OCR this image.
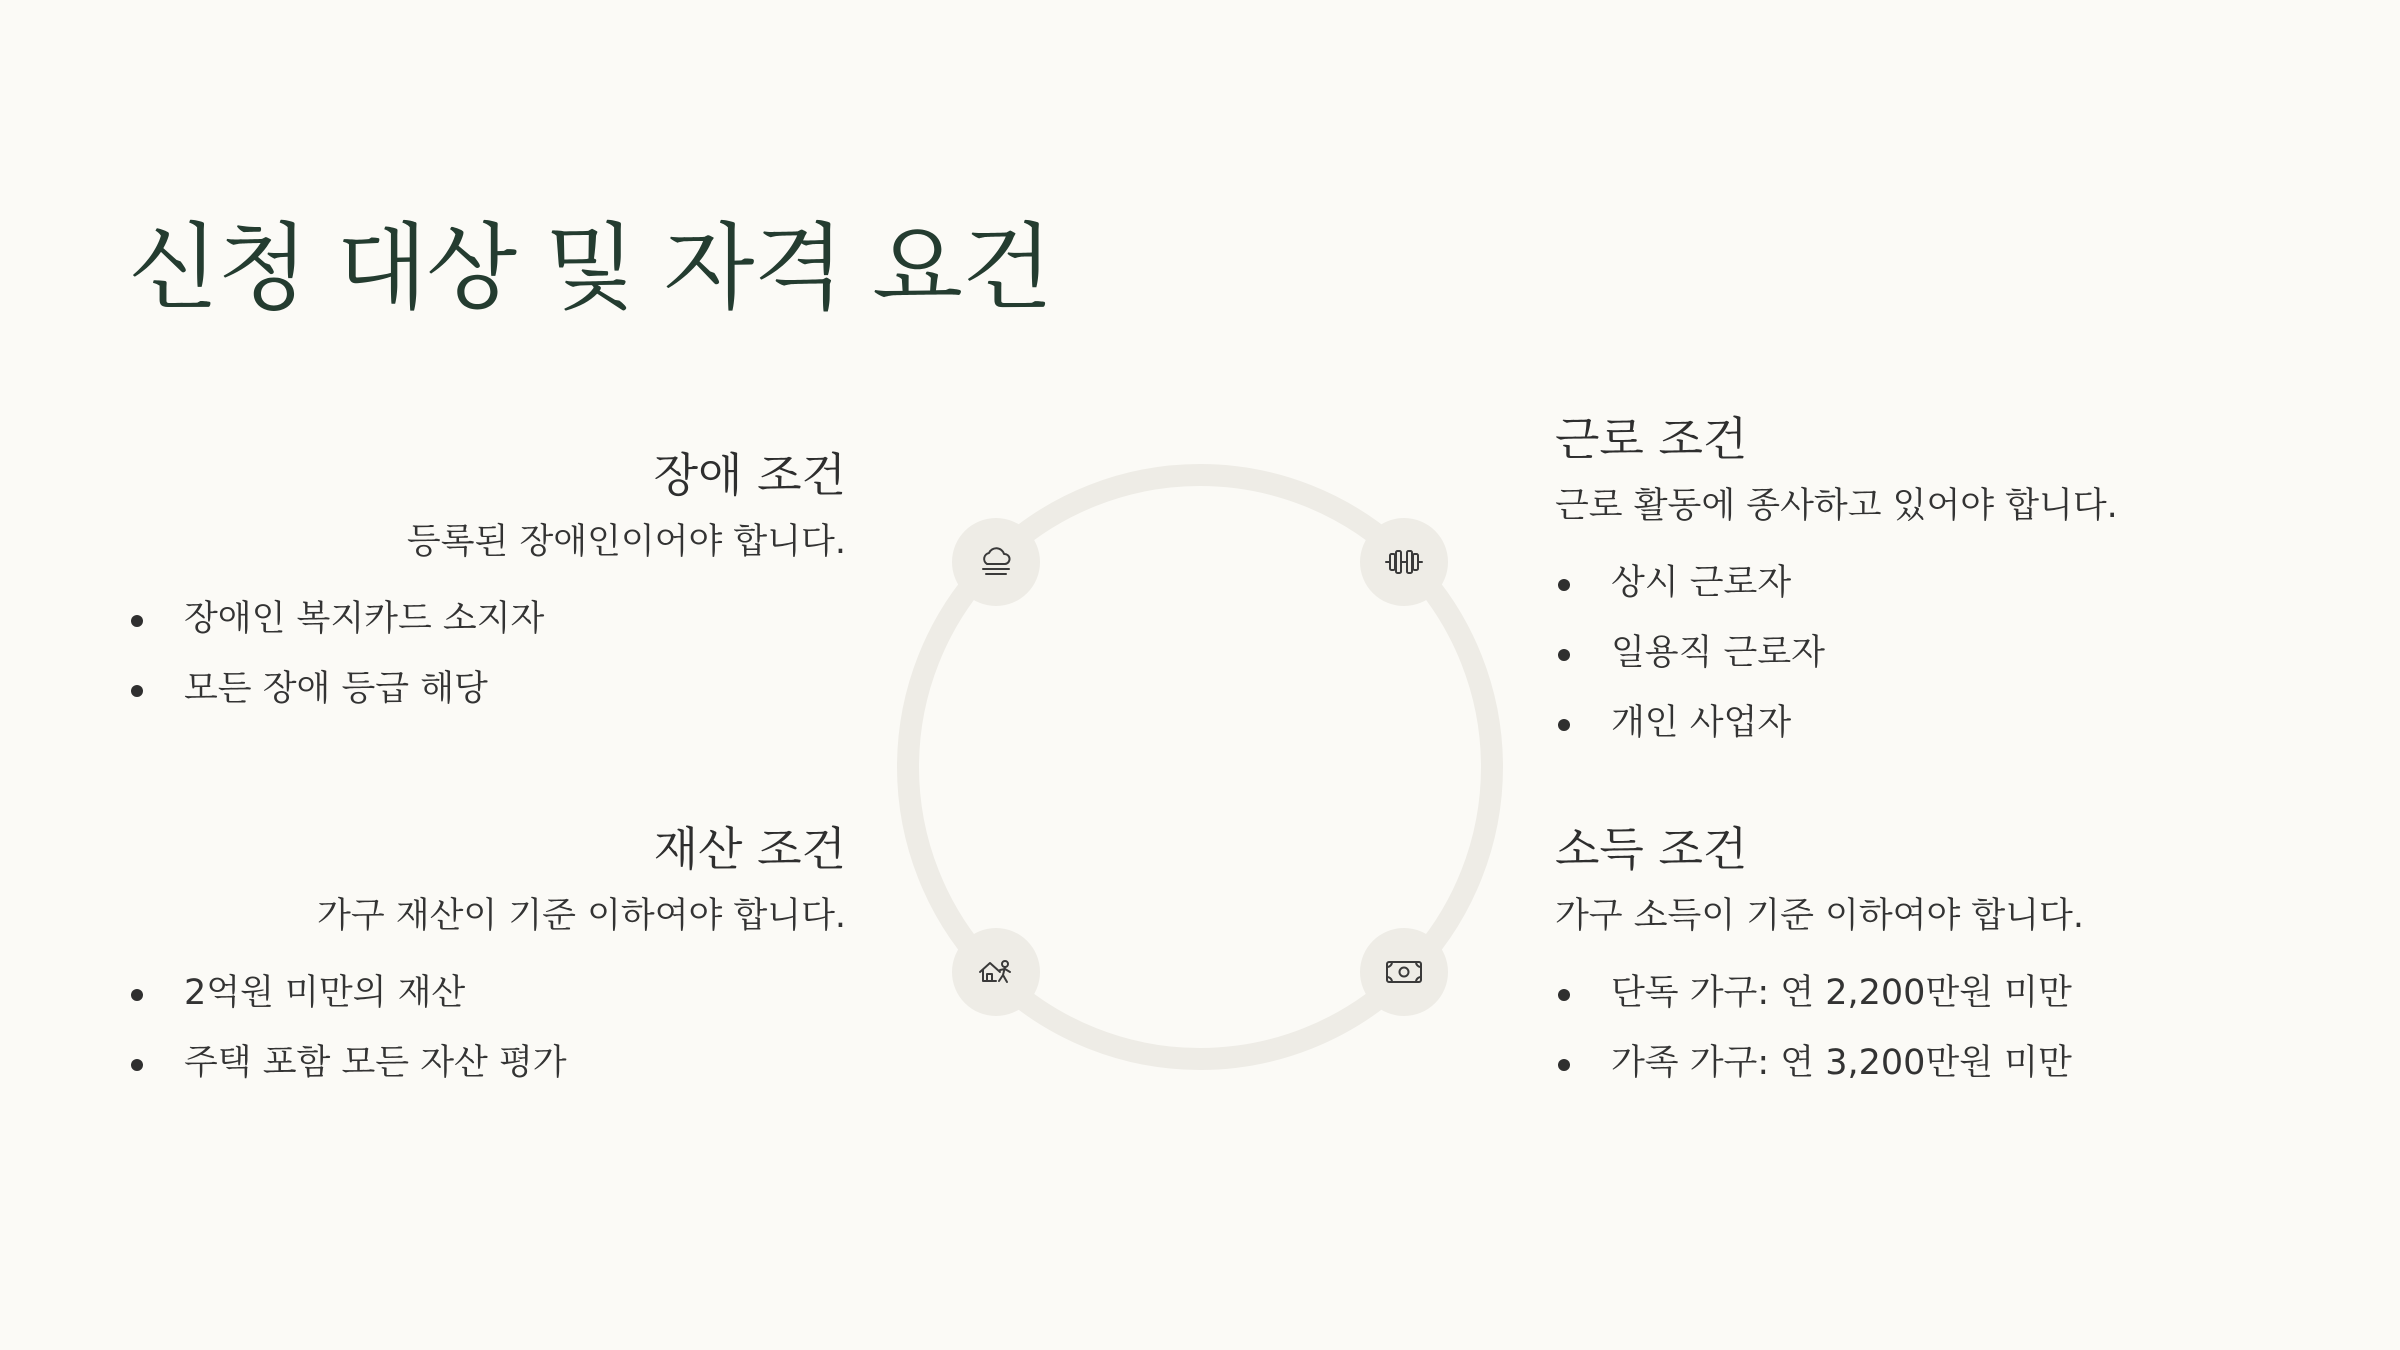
신청 대상 및 자격 요건
장애 조건

등록된 장애인이어야 합니다.

장애인 복지카드 소지자
모든 장애 등급 해당
재산 조건

가구 재산이 기준 이하여야 합니다.

2억원 미만의 재산
주택 포함 모든 자산 평가
근로 조건

근로 활동에 종사하고 있어야 합니다.

상시 근로자
일용직 근로자
개인 사업자
소득 조건

가구 소득이 기준 이하여야 합니다.

단독 가구: 연 2,200만원 미만
가족 가구: 연 3,200만원 미만
